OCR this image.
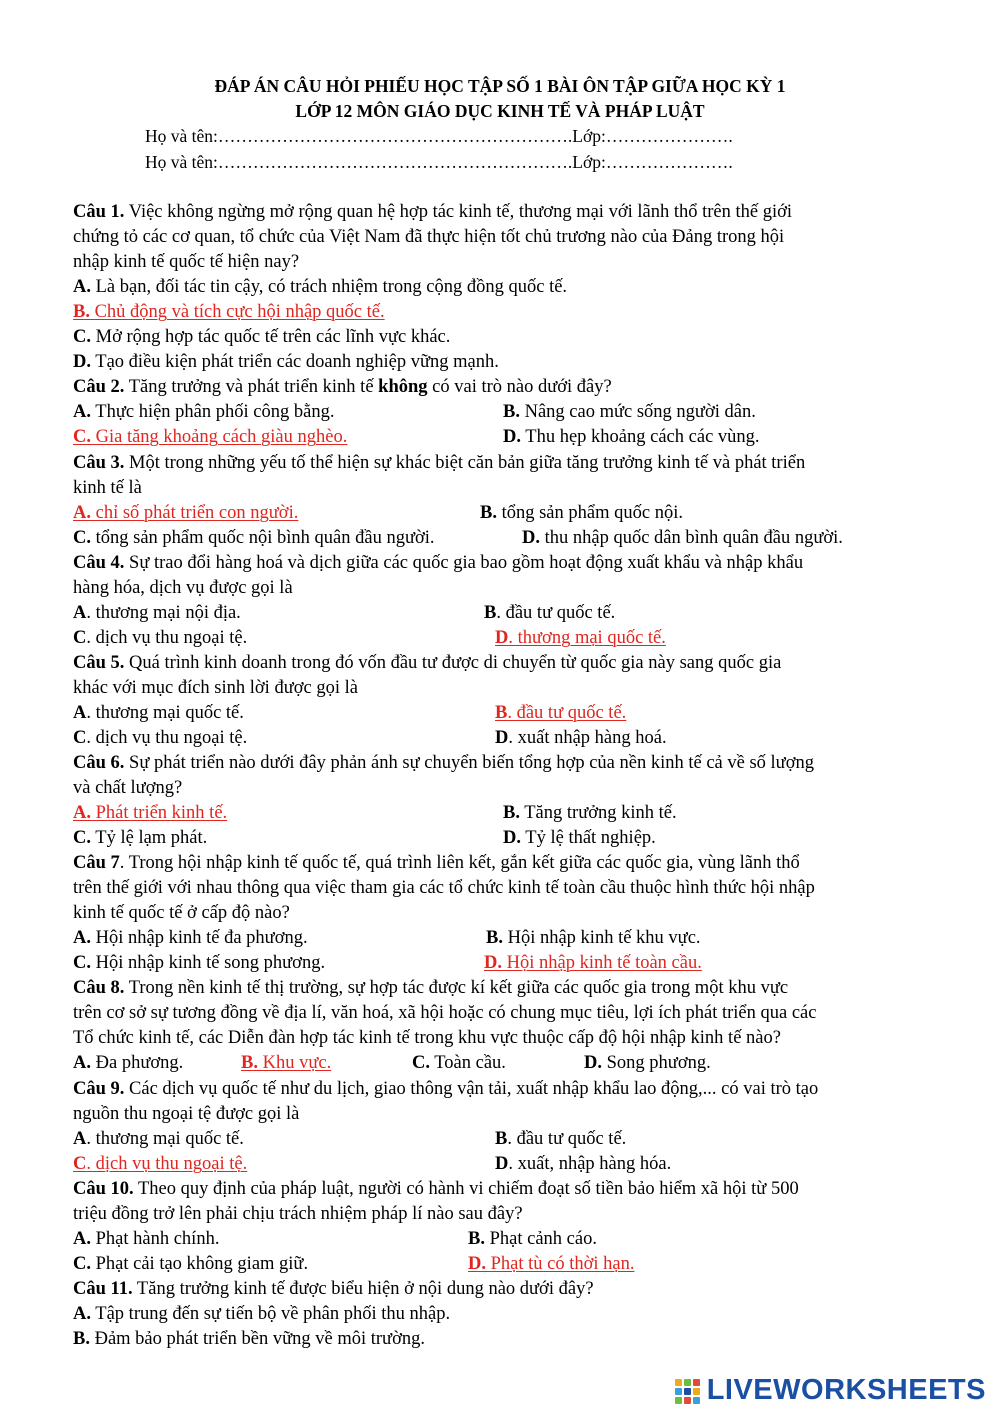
ĐÁP ÁN CÂU HỎI PHIẾU HỌC TẬP SỐ 1 BÀI ÔN TẬP GIỮA HỌC KỲ 1
LỚP 12 MÔN GIÁO DỤC KINH TẾ VÀ PHÁP LUẬT
Họ và tên:…………………………………………………….Lớp:………………….
Họ và tên:…………………………………………………….Lớp:………………….
Câu 1. Việc không ngừng mở rộng quan hệ hợp tác kinh tế, thương mại với lãnh thổ trên thế giới
chứng tỏ các cơ quan, tổ chức của Việt Nam đã thực hiện tốt chủ trương nào của Đảng trong hội
nhập kinh tế quốc tế hiện nay?
A. Là bạn, đối tác tin cậy, có trách nhiệm trong cộng đồng quốc tế.
B. Chủ động và tích cực hội nhập quốc tế.
C. Mở rộng hợp tác quốc tế trên các lĩnh vực khác.
D. Tạo điều kiện phát triển các doanh nghiệp vững mạnh.
Câu 2. Tăng trưởng và phát triển kinh tế không có vai trò nào dưới đây?
A. Thực hiện phân phối công bằng.	B. Nâng cao mức sống người dân.
C. Gia tăng khoảng cách giàu nghèo.	D. Thu hẹp khoảng cách các vùng.
Câu 3. Một trong những yếu tố thể hiện sự khác biệt căn bản giữa tăng trưởng kinh tế và phát triển
kinh tế là
A. chỉ số phát triển con người.	B. tổng sản phẩm quốc nội.
C. tổng sản phẩm quốc nội bình quân đầu người.	D. thu nhập quốc dân bình quân đầu người.
Câu 4. Sự trao đổi hàng hoá và dịch giữa các quốc gia bao gồm hoạt động xuất khẩu và nhập khẩu
hàng hóa, dịch vụ được gọi là
A. thương mại nội địa.	B. đầu tư quốc tế.
C. dịch vụ thu ngoại tệ.	D. thương mại quốc tế.
Câu 5. Quá trình kinh doanh trong đó vốn đầu tư được di chuyển từ quốc gia này sang quốc gia
khác với mục đích sinh lời được gọi là
A. thương mại quốc tế.	B. đầu tư quốc tế.
C. dịch vụ thu ngoại tệ.	D. xuất nhập hàng hoá.
Câu 6. Sự phát triển nào dưới đây phản ánh sự chuyển biến tổng hợp của nền kinh tế cả về số lượng
và chất lượng?
A. Phát triển kinh tế.	B. Tăng trưởng kinh tế.
C. Tỷ lệ lạm phát.	D. Tỷ lệ thất nghiệp.
Câu 7. Trong hội nhập kinh tế quốc tế, quá trình liên kết, gắn kết giữa các quốc gia, vùng lãnh thổ
trên thế giới với nhau thông qua việc tham gia các tổ chức kinh tế toàn cầu thuộc hình thức hội nhập
kinh tế quốc tế ở cấp độ nào?
A. Hội nhập kinh tế đa phương.	B. Hội nhập kinh tế khu vực.
C. Hội nhập kinh tế song phương.	D. Hội nhập kinh tế toàn cầu.
Câu 8. Trong nền kinh tế thị trường, sự hợp tác được kí kết giữa các quốc gia trong một khu vực
trên cơ sở sự tương đồng về địa lí, văn hoá, xã hội hoặc có chung mục tiêu, lợi ích phát triển qua các
Tổ chức kinh tế, các Diễn đàn hợp tác kinh tế trong khu vực thuộc cấp độ hội nhập kinh tế nào?
A. Đa phương.	B. Khu vực.	C. Toàn cầu.	D. Song phương.
Câu 9. Các dịch vụ quốc tế như du lịch, giao thông vận tải, xuất nhập khẩu lao động,... có vai trò tạo
nguồn thu ngoại tệ được gọi là
A. thương mại quốc tế.	B. đầu tư quốc tế.
C. dịch vụ thu ngoại tệ.	D. xuất, nhập hàng hóa.
Câu 10. Theo quy định của pháp luật, người có hành vi chiếm đoạt số tiền bảo hiểm xã hội từ 500
triệu đồng trở lên phải chịu trách nhiệm pháp lí nào sau đây?
A. Phạt hành chính.	B. Phạt cảnh cáo.
C. Phạt cải tạo không giam giữ.	D. Phạt tù có thời hạn.
Câu 11. Tăng trưởng kinh tế được biểu hiện ở nội dung nào dưới đây?
A. Tập trung đến sự tiến bộ về phân phối thu nhập.
B. Đảm bảo phát triển bền vững về môi trường.
LIVEWORKSHEETS
